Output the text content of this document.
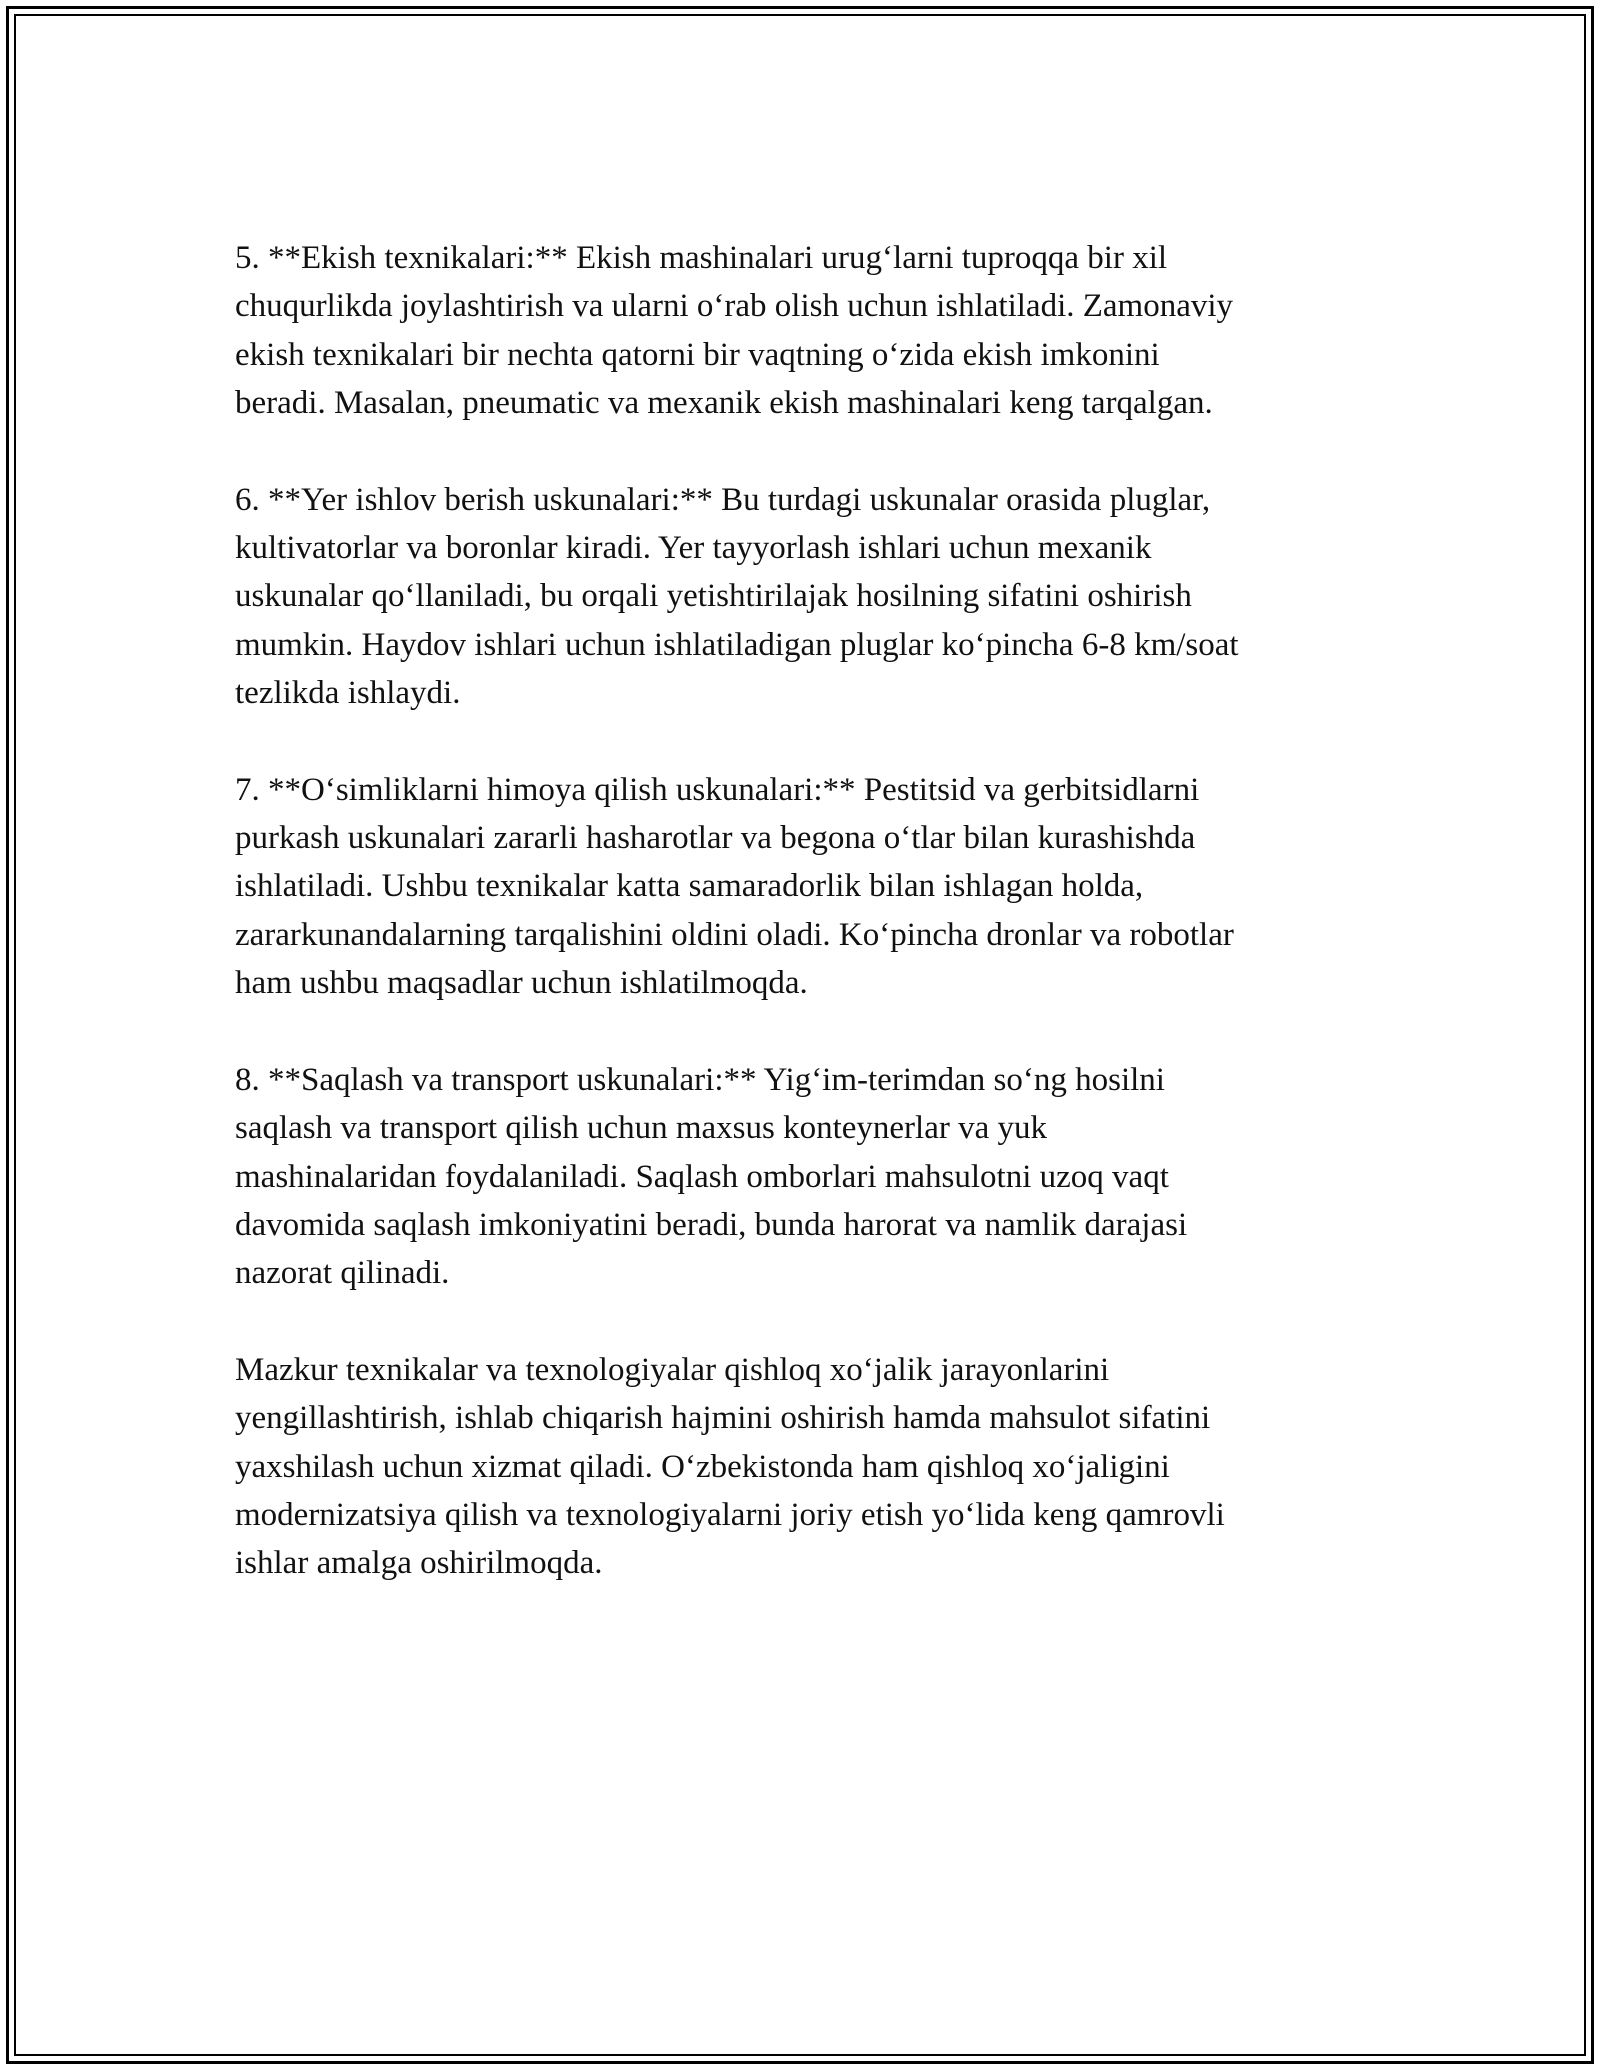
5. **Ekish texnikalari:** Ekish mashinalari urug‘larni tuproqqa bir xil
chuqurlikda joylashtirish va ularni o‘rab olish uchun ishlatiladi. Zamonaviy
ekish texnikalari bir nechta qatorni bir vaqtning o‘zida ekish imkonini
beradi. Masalan, pneumatic va mexanik ekish mashinalari keng tarqalgan.

6. **Yer ishlov berish uskunalari:** Bu turdagi uskunalar orasida pluglar,
kultivatorlar va boronlar kiradi. Yer tayyorlash ishlari uchun mexanik
uskunalar qo‘llaniladi, bu orqali yetishtirilajak hosilning sifatini oshirish
mumkin. Haydov ishlari uchun ishlatiladigan pluglar ko‘pincha 6-8 km/soat
tezlikda ishlaydi.

7. **O‘simliklarni himoya qilish uskunalari:** Pestitsid va gerbitsidlarni
purkash uskunalari zararli hasharotlar va begona o‘tlar bilan kurashishda
ishlatiladi. Ushbu texnikalar katta samaradorlik bilan ishlagan holda,
zararkunandalarning tarqalishini oldini oladi. Ko‘pincha dronlar va robotlar
ham ushbu maqsadlar uchun ishlatilmoqda.

8. **Saqlash va transport uskunalari:** Yig‘im-terimdan so‘ng hosilni
saqlash va transport qilish uchun maxsus konteynerlar va yuk
mashinalaridan foydalaniladi. Saqlash omborlari mahsulotni uzoq vaqt
davomida saqlash imkoniyatini beradi, bunda harorat va namlik darajasi
nazorat qilinadi.

Mazkur texnikalar va texnologiyalar qishloq xo‘jalik jarayonlarini
yengillashtirish, ishlab chiqarish hajmini oshirish hamda mahsulot sifatini
yaxshilash uchun xizmat qiladi. O‘zbekistonda ham qishloq xo‘jaligini
modernizatsiya qilish va texnologiyalarni joriy etish yo‘lida keng qamrovli
ishlar amalga oshirilmoqda.
